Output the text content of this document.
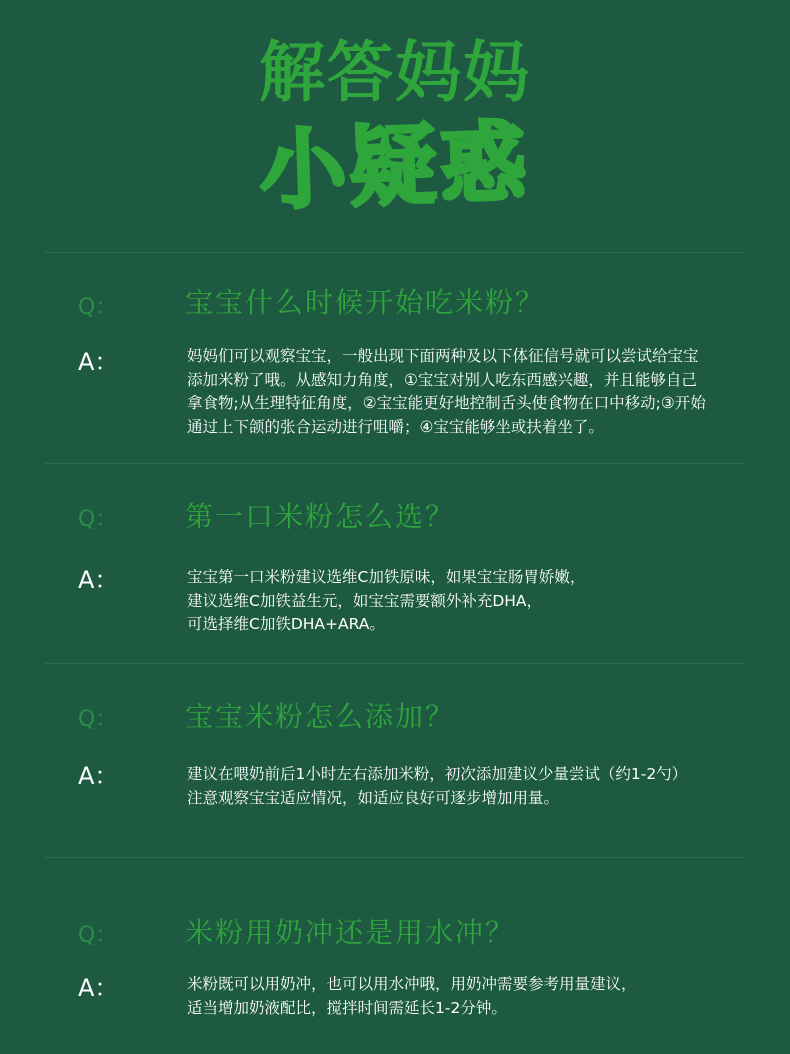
解答妈妈
小疑惑
Q： 宝宝什么时候开始吃米粉？
A：	妈妈们可以观察宝宝，一般出现下面两种及以下体征信号就可以尝试给宝宝
添加米粉了哦。从感知力角度，①宝宝对别人吃东西感兴趣，并且能够自己
拿食物;从生理特征角度，②宝宝能更好地控制舌头使食物在口中移动;③开始
通过上下颌的张合运动进行咀嚼；④宝宝能够坐或扶着坐了。
Q： 第一口米粉怎么选？
A：	宝宝第一口米粉建议选维C加铁原味，如果宝宝肠胃娇嫩，
建议选维C加铁益生元，如宝宝需要额外补充DHA，
可选择维C加铁DHA+ARA。
Q： 宝宝米粉怎么添加？
A：	建议在喂奶前后1小时左右添加米粉，初次添加建议少量尝试（约1-2勺）
注意观察宝宝适应情况，如适应良好可逐步增加用量。
Q： 米粉用奶冲还是用水冲？
A：	米粉既可以用奶冲，也可以用水冲哦，用奶冲需要参考用量建议，
适当增加奶液配比，搅拌时间需延长1-2分钟。
